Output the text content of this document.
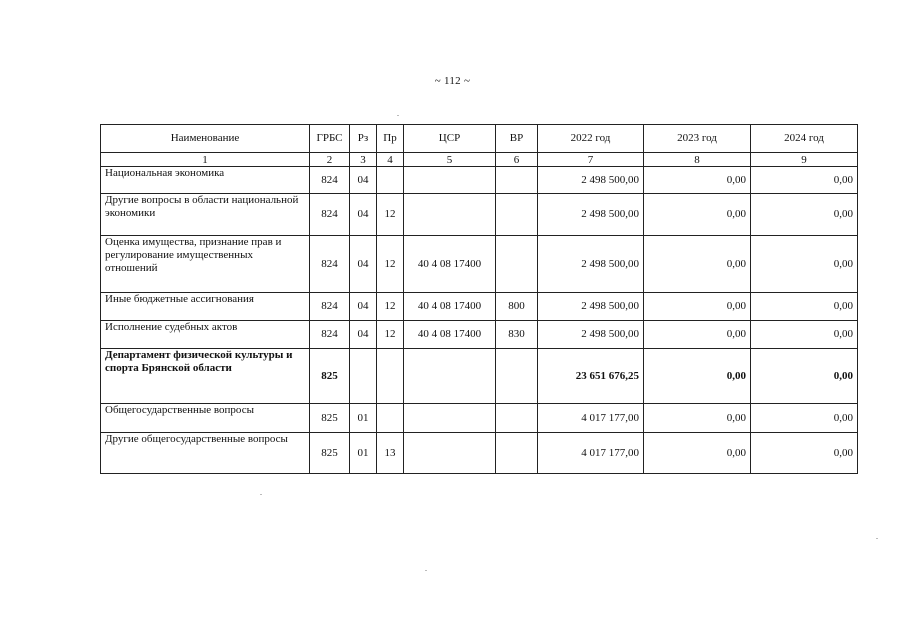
~ 112 ~
Наименование	ГРБС	Рз	Пр	ЦСР	ВР	2022 год	2023 год	2024 год
1	2	3	4	5	6	7	8	9
Национальная экономика	824	04				2 498 500,00	0,00	0,00
Другие вопросы в области национальной экономики	824	04	12			2 498 500,00	0,00	0,00
Оценка имущества, признание прав и регулирование имущественных отношений	824	04	12	40 4 08 17400		2 498 500,00	0,00	0,00
Иные бюджетные ассигнования	824	04	12	40 4 08 17400	800	2 498 500,00	0,00	0,00
Исполнение судебных актов	824	04	12	40 4 08 17400	830	2 498 500,00	0,00	0,00
Департамент физической культуры и спорта Брянской области	825					23 651 676,25	0,00	0,00
Общегосударственные вопросы	825	01				4 017 177,00	0,00	0,00
Другие общегосударственные вопросы	825	01	13			4 017 177,00	0,00	0,00
